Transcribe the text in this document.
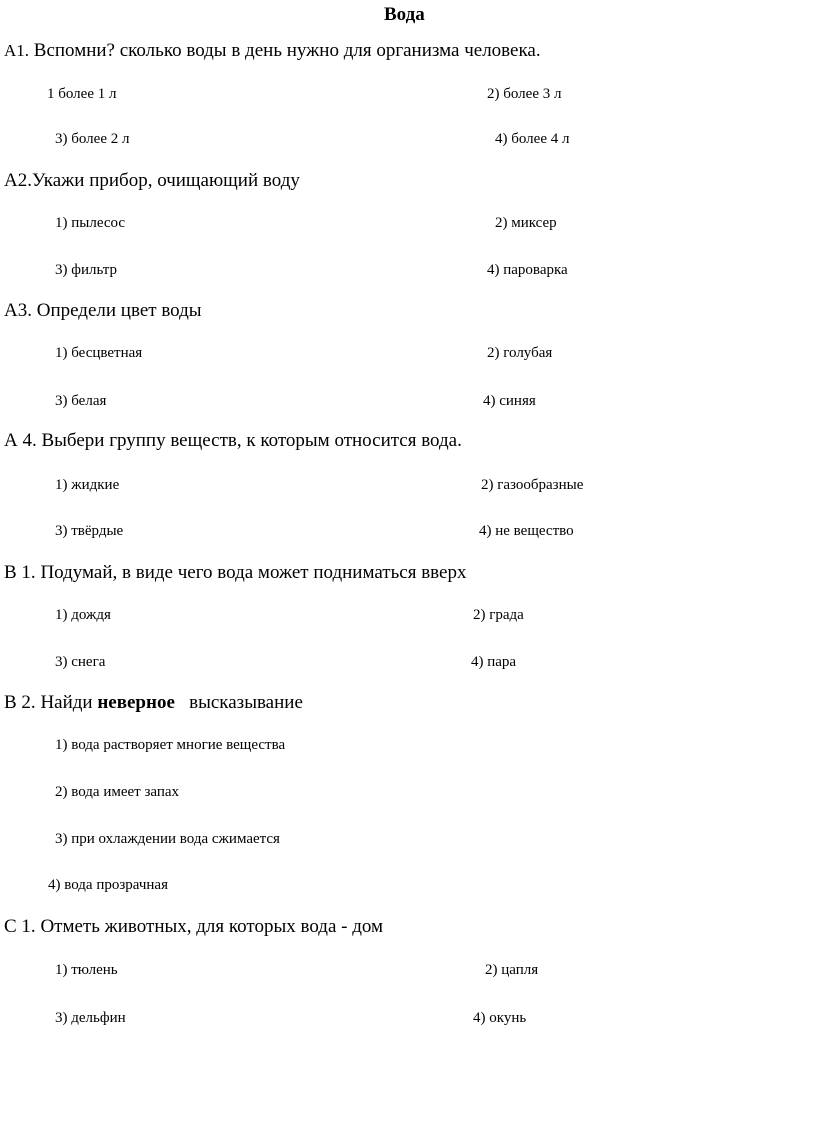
Вода
А1. Вспомни? сколько воды в день нужно для организма человека.
1 более 1 л	2) более 3 л
3) более 2 л	4) более 4 л
А2.Укажи прибор, очищающий воду
1) пылесос	2) миксер
3) фильтр	4) пароварка
А3. Определи цвет воды
1) бесцветная	2) голубая
3) белая	4) синяя
А 4. Выбери группу веществ, к которым относится вода.
1) жидкие	2) газообразные
3) твёрдые	4) не вещество
В 1. Подумай, в виде чего вода может подниматься вверх
1) дождя	2) града
3) снега	4) пара
В 2. Найди неверное   высказывание
1) вода растворяет многие вещества
2) вода имеет запах
3) при охлаждении вода сжимается
4) вода прозрачная
С 1. Отметь животных, для которых вода - дом
1) тюлень	2) цапля
3) дельфин	4) окунь
